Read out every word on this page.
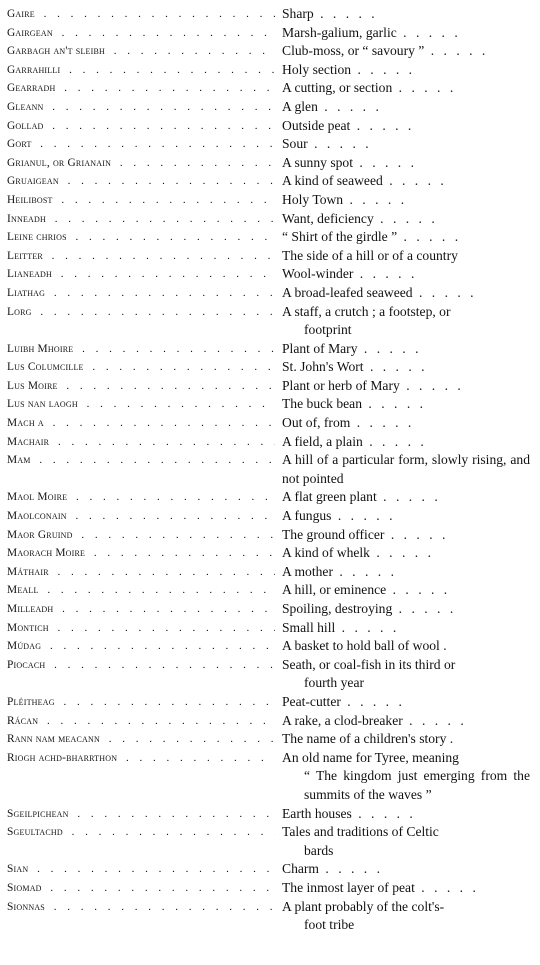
Gaire . . .	Sharp . . .
Gairgean . . .	Marsh-galium, garlic . . .
Garbagh an't sleibh . . .	Club-moss, or “ savoury ” . . .
Garrahilli . . .	Holy section . . .
Gearradh . . .	A cutting, or section . . .
Gleann . . .	A glen . . .
Gollad . . .	Outside peat . . .
Gort . . .	Sour . . .
Grianul, or Grianain . . .	A sunny spot . . .
Gruaigean . . .	A kind of seaweed . . .
Heilibost . . .	Holy Town . . .
Inneadh . . .	Want, deficiency . . .
Leine chrios . . .	“ Shirt of the girdle ” . . .
Leitter . . .	The side of a hill or of a country
Lianeadh . . .	Wool-winder . . .
Liathag . . .	A broad-leafed seaweed . . .
Lorg . . .	A staff, a crutch ; a footstep, or
footprint
Luibh Mhoire . . .	Plant of Mary . . .
Lus Columcille . . .	St. John's Wort . . .
Lus Moire . . .	Plant or herb of Mary . . .
Lus nan laogh . . .	The buck bean . . .
Mach a . . .	Out of, from . . .
Machair . . .	A field, a plain . . .
Mam . . .	A hill of a particular form, slowly rising, and not pointed
Maol Moire . . .	A flat green plant . . .
Maolconain . . .	A fungus . . .
Maor Gruind . . .	The ground officer . . .
Maorach Moire . . .	A kind of whelk . . .
Máthair . . .	A mother . . .
Meall . . .	A hill, or eminence . . .
Milleadh . . .	Spoiling, destroying . . .
Montich . . .	Small hill . . .
Múdag . . .	A basket to hold ball of wool .
Piocach . . .	Seath, or coal-fish in its third or
fourth year
Pléitheag . . .	Peat-cutter . . .
Rácan . . .	A rake, a clod-breaker . . .
Rann nam meacann . . .	The name of a children's story .
Riogh achd-bharrthon . . .	An old name for Tyree, meaning
“ The kingdom just emerging from the summits of the waves ”
Sgeilpichean . . .	Earth houses . . .
Sgeultachd . . .	Tales and traditions of Celtic
bards
Sian . . .	Charm . . .
Siomad . . .	The inmost layer of peat . . .
Sionnas . . .	A plant probably of the colt's-
foot tribe
